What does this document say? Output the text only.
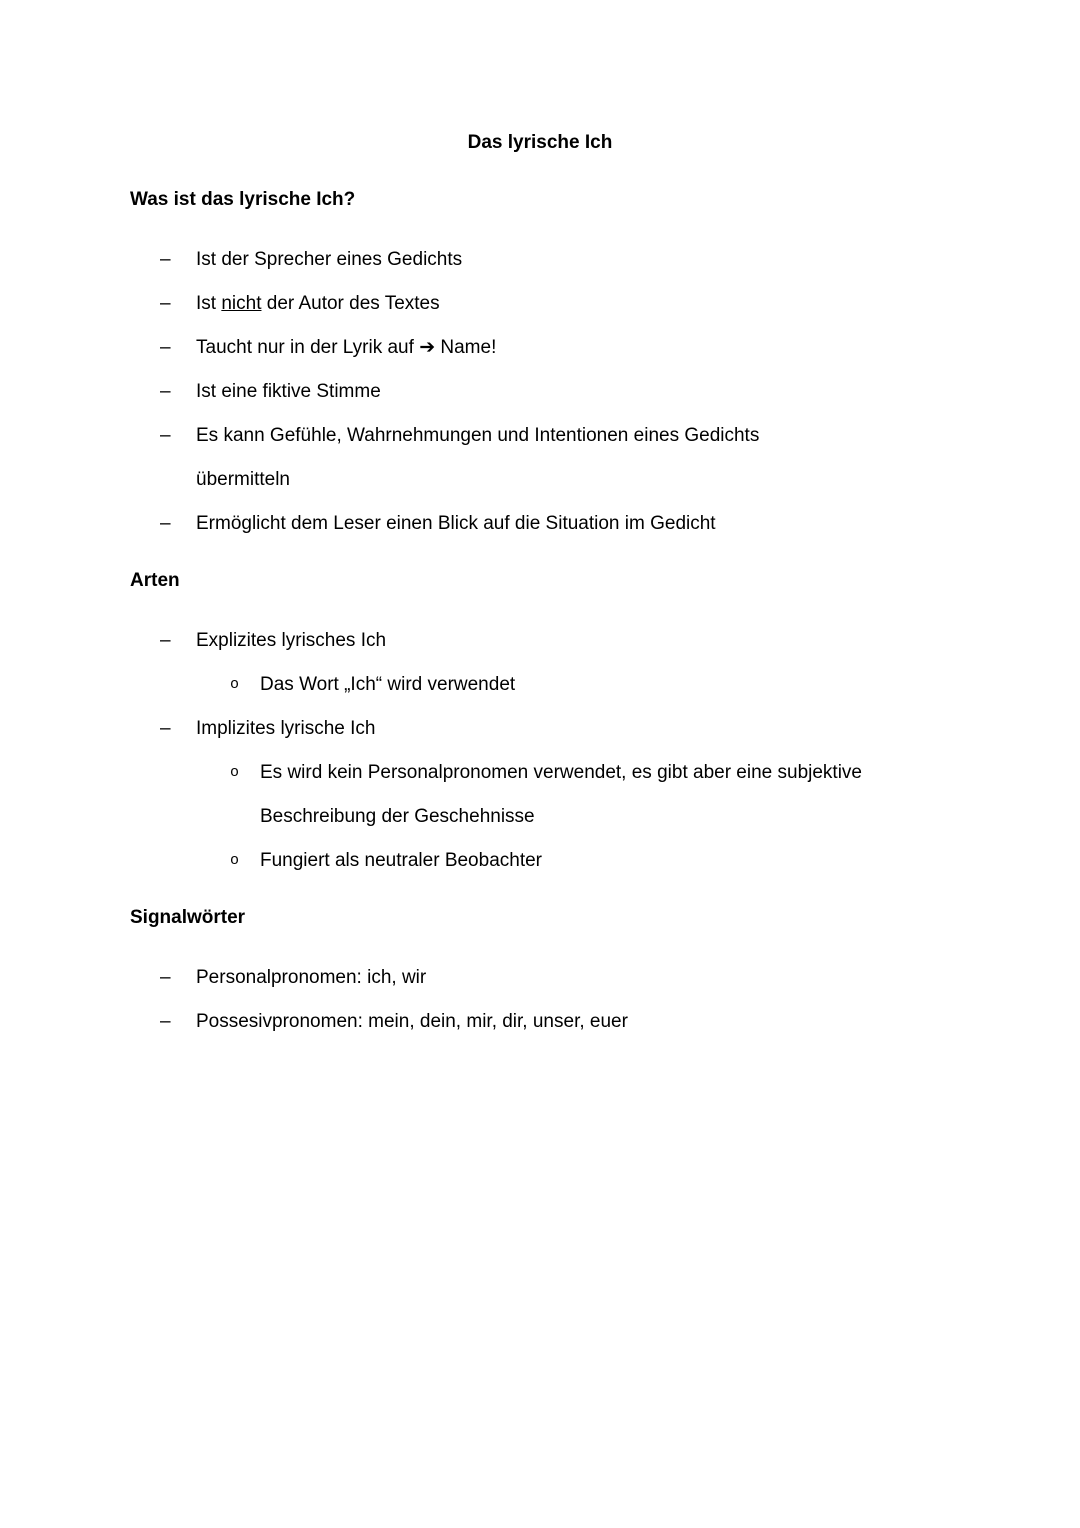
Das lyrische Ich
Was ist das lyrische Ich?
–	Ist der Sprecher eines Gedichts
–	Ist nicht der Autor des Textes
–	Taucht nur in der Lyrik auf ➔ Name!
–	Ist eine fiktive Stimme
–	Es kann Gefühle, Wahrnehmungen und Intentionen eines Gedichts
übermitteln
–	Ermöglicht dem Leser einen Blick auf die Situation im Gedicht
Arten
–	Explizites lyrisches Ich
o	Das Wort „Ich“ wird verwendet
–	Implizites lyrische Ich
o	Es wird kein Personalpronomen verwendet, es gibt aber eine subjektive
Beschreibung der Geschehnisse
o	Fungiert als neutraler Beobachter
Signalwörter
–	Personalpronomen: ich, wir
–	Possesivpronomen: mein, dein, mir, dir, unser, euer
